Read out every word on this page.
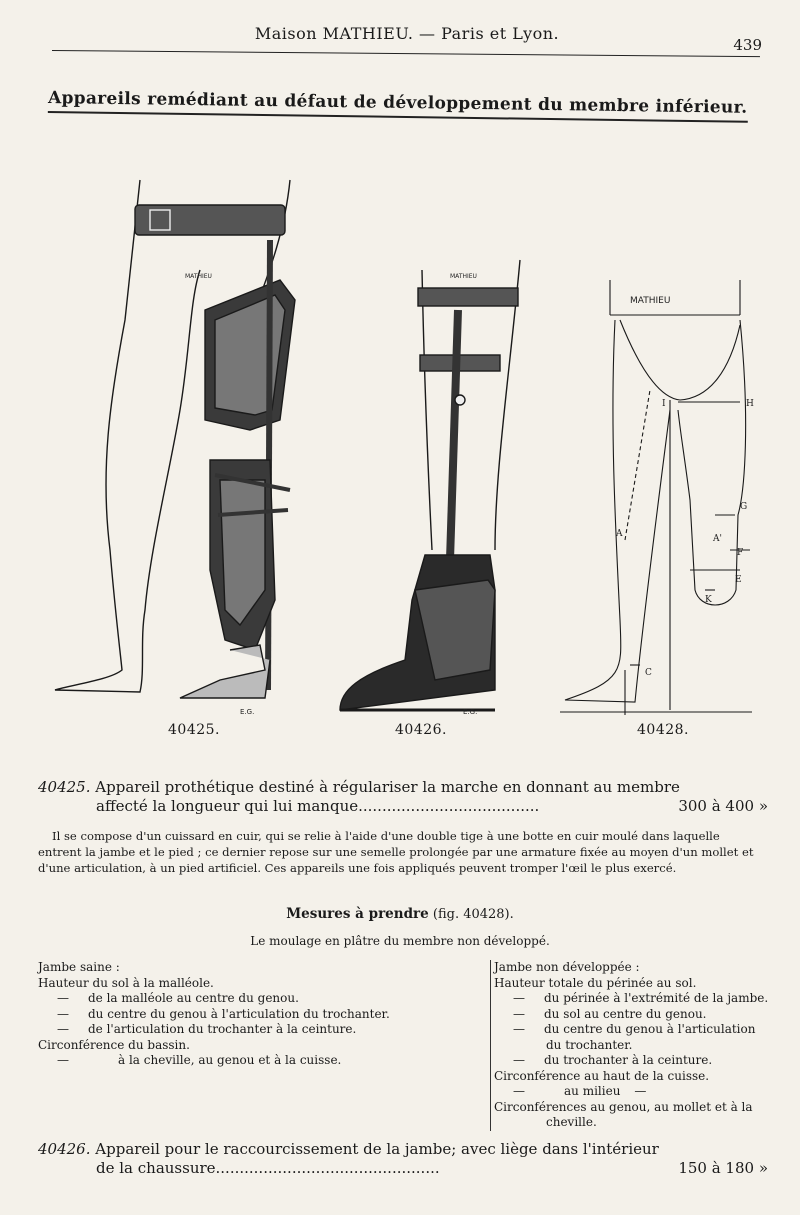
Maison MATHIEU. — Paris et Lyon.
439
Appareils remédiant au défaut de développement du membre inférieur.
MATHIEU
E.G.
MATHIEU
E.G.
MATHIEU
H
I
G
A	A'
F
E
K
C
40425.	40426.	40428.
40425. Appareil prothétique destiné à régulariser la marche en donnant au membre
affecté la longueur qui lui manque......................................	300 à 400 »
Il se compose d'un cuissard en cuir, qui se relie à l'aide d'une double tige à une botte en cuir moulé dans laquelle entrent la jambe et le pied ; ce dernier repose sur une semelle prolongée par une armature fixée au moyen d'un mollet et d'une articulation, à un pied artificiel. Ces appareils une fois appliqués peuvent tromper l'œil le plus exercé.
Mesures à prendre (fig. 40428).
Le moulage en plâtre du membre non développé.
Jambe saine :
Hauteur du sol à la malléole.
— de la malléole au centre du genou.
— du centre du genou à l'articulation du trochanter.
— de l'articulation du trochanter à la ceinture.
Circonférence du bassin.
—	à la cheville, au genou et à la cuisse.
Jambe non développée :
Hauteur totale du périnée au sol.
— du périnée à l'extrémité de la jambe.
— du sol au centre du genou.
— du centre du genou à l'articulation
du trochanter.
— du trochanter à la ceinture.
Circonférence au haut de la cuisse.
—	au milieu —
Circonférences au genou, au mollet et à la
cheville.
40426. Appareil pour le raccourcissement de la jambe; avec liège dans l'intérieur
de la chaussure...............................................	150 à 180 »
